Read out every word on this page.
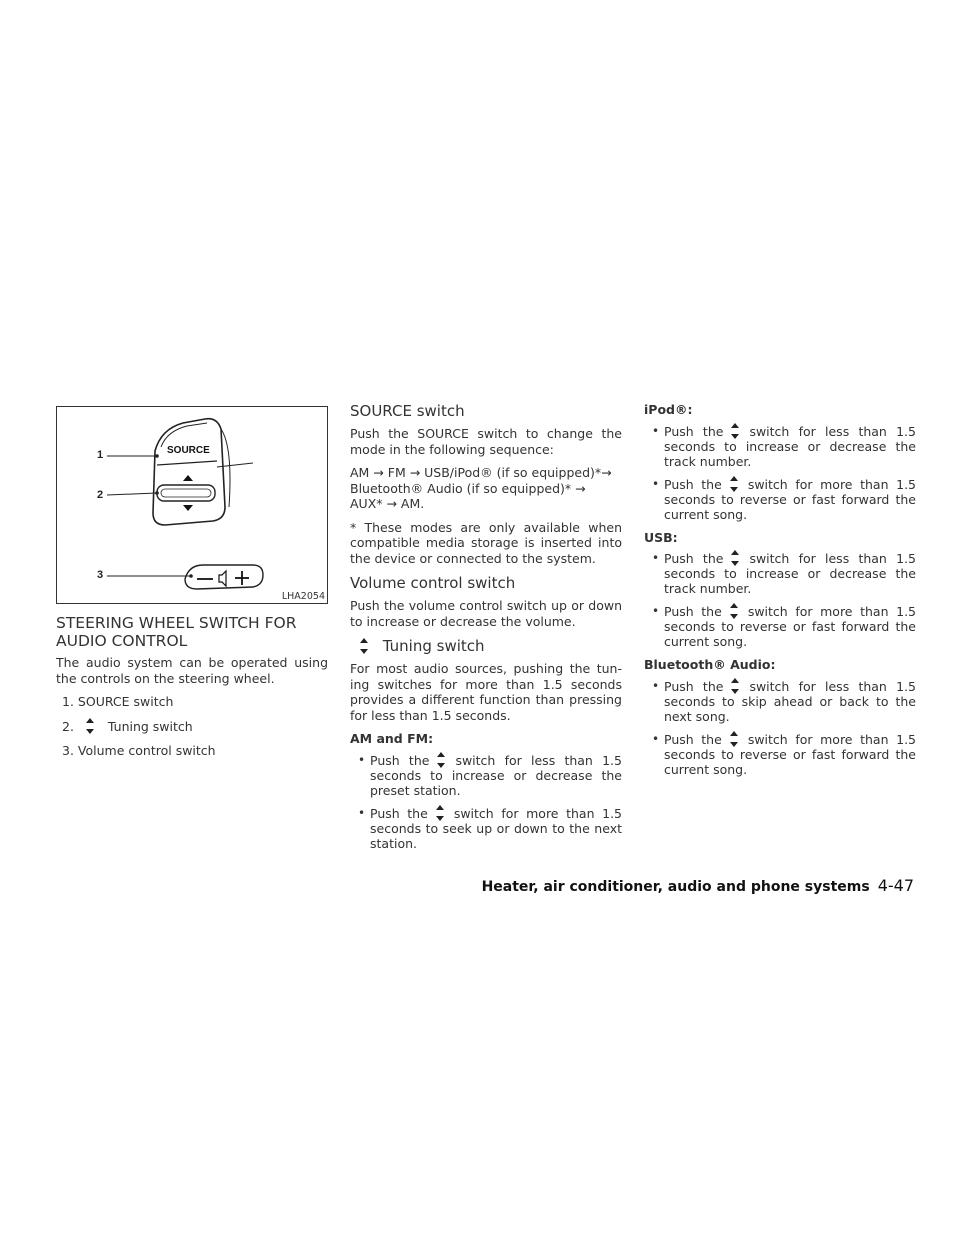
1
2
3
SOURCE
LHA2054
STEERING WHEEL SWITCH FOR
AUDIO CONTROL

The audio system can be operated using the controls on the steering wheel.

1. SOURCE switch
2.	Tuning switch
3. Volume control switch
SOURCE switch

Push the SOURCE switch to change the mode in the following sequence:

AM → FM → USB/iPod® (if so equipped)*→ Bluetooth® Audio (if so equipped)* → AUX* → AM.

* These modes are only available when compatible media storage is inserted into the device or connected to the system.

Volume control switch

Push the volume control switch up or down to increase or decrease the volume.

Tuning switch

For most audio sources, pushing the tun-ing switches for more than 1.5 seconds provides a different function than pressing for less than 1.5 seconds.

AM and FM:

• Push the switch for less than 1.5 seconds to increase or decrease the preset station.
• Push the switch for more than 1.5 seconds to seek up or down to the next station.

iPod®:

• Push the switch for less than 1.5 seconds to increase or decrease the track number.
• Push the switch for more than 1.5 seconds to reverse or fast forward the current song.

USB:

• Push the switch for less than 1.5 seconds to increase or decrease the track number.
• Push the switch for more than 1.5 seconds to reverse or fast forward the current song.

Bluetooth® Audio:

• Push the switch for less than 1.5 seconds to skip ahead or back to the next song.
• Push the switch for more than 1.5 seconds to reverse or fast forward the current song.
Heater, air conditioner, audio and phone systems 4-47
